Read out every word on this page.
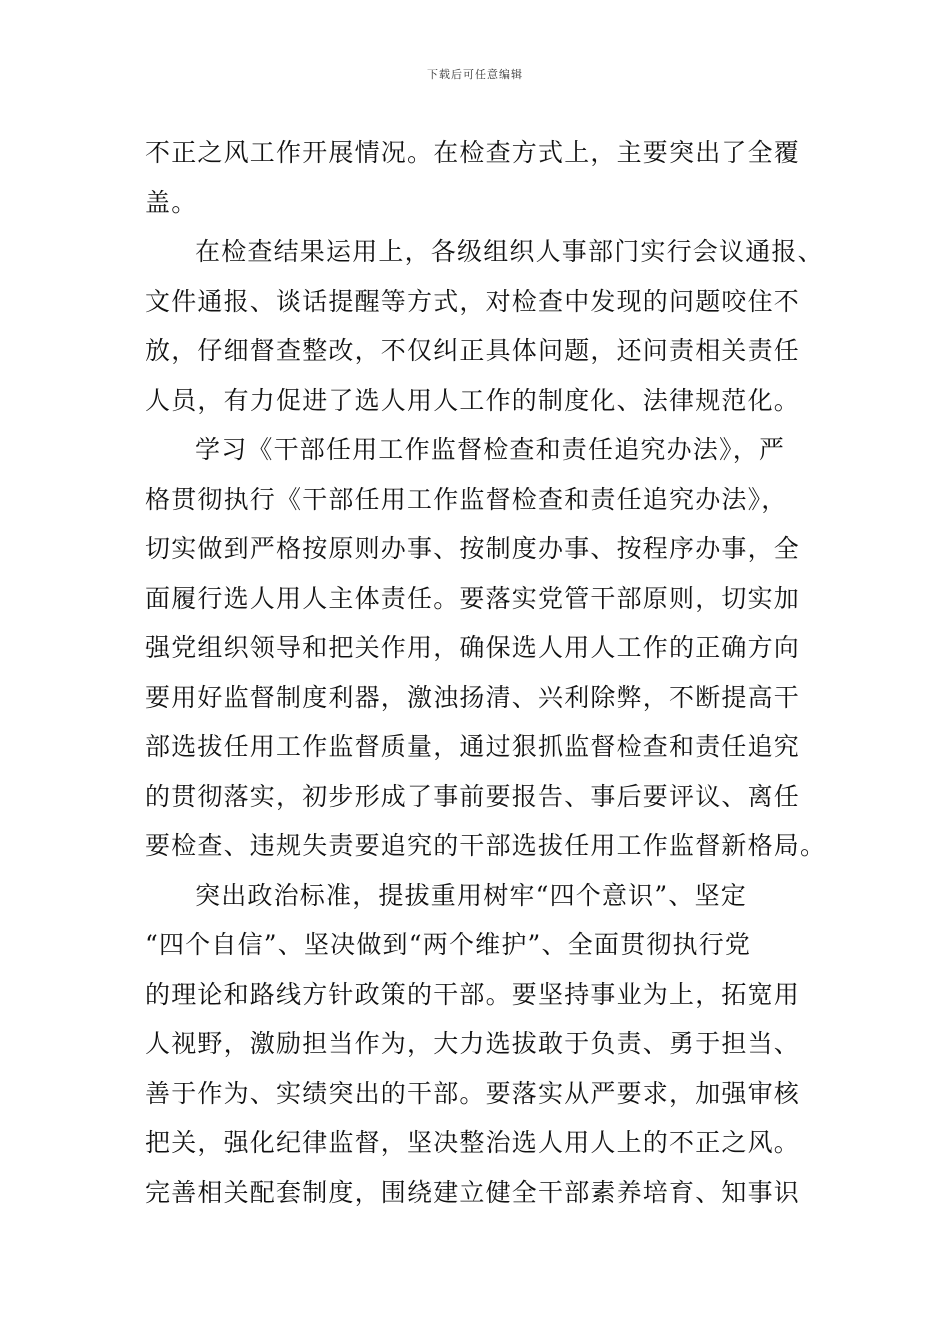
下载后可任意编辑
不正之风工作开展情况。在检查方式上，主要突出了全覆
盖。
在检查结果运用上，各级组织人事部门实行会议通报、
文件通报、谈话提醒等方式，对检查中发现的问题咬住不
放，仔细督查整改，不仅纠正具体问题，还问责相关责任
人员，有力促进了选人用人工作的制度化、法律规范化。
学习《干部任用工作监督检查和责任追究办法》，严
格贯彻执行《干部任用工作监督检查和责任追究办法》，
切实做到严格按原则办事、按制度办事、按程序办事，全
面履行选人用人主体责任。要落实党管干部原则，切实加
强党组织领导和把关作用，确保选人用人工作的正确方向
要用好监督制度利器，激浊扬清、兴利除弊，不断提高干
部选拔任用工作监督质量，通过狠抓监督检查和责任追究
的贯彻落实，初步形成了事前要报告、事后要评议、离任
要检查、违规失责要追究的干部选拔任用工作监督新格局。
突出政治标准，提拔重用树牢“四个意识”、坚定
“四个自信”、坚决做到“两个维护”、全面贯彻执行党
的理论和路线方针政策的干部。要坚持事业为上，拓宽用
人视野，激励担当作为，大力选拔敢于负责、勇于担当、
善于作为、实绩突出的干部。要落实从严要求，加强审核
把关，强化纪律监督，坚决整治选人用人上的不正之风。
完善相关配套制度，围绕建立健全干部素养培育、知事识
